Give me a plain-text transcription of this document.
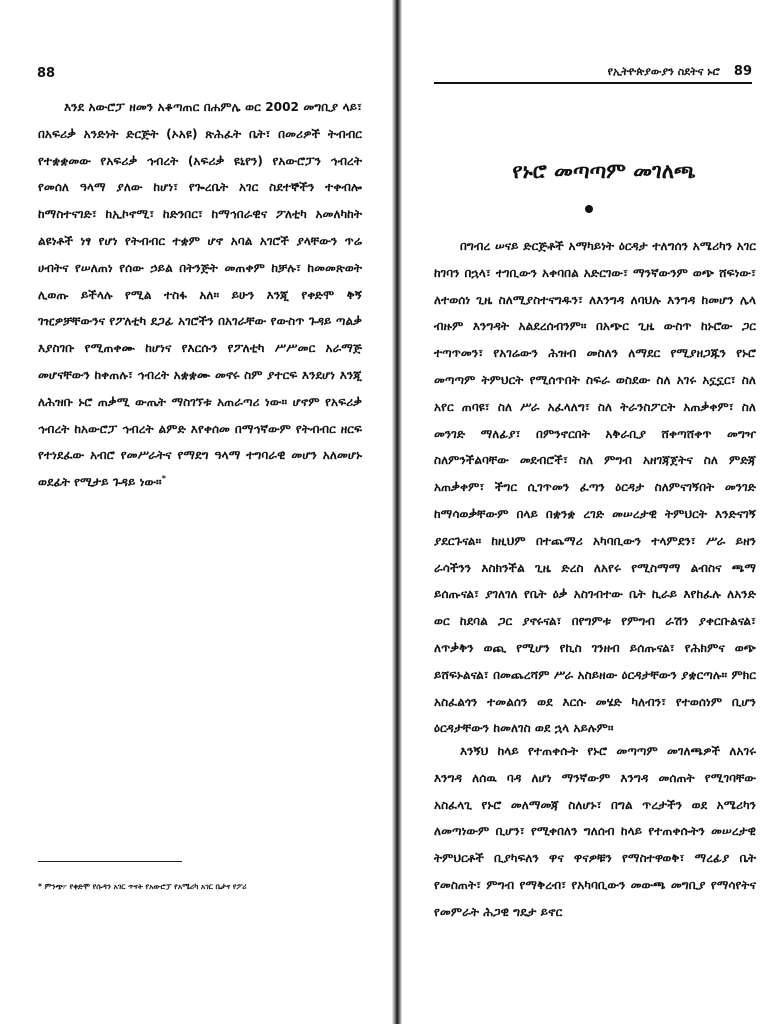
88

እንደ አውሮፓ ዘመን አቆጣጠር በሐምሌ ወር 2002 መግቢያ ላይ፣ በአፍሪቃ አንድነት ድርጅት (ኦአዩ) ጽሕፈት ቤት፣ በመሪዎች ትብብር የተቋቋመው የአፍሪቃ ኅብረት (አፍሪቃ ዩኒየን) የአውሮፓን ኅብረት የመሰለ ዓላማ ያለው ከሆነ፣ የጐረቤት አገር ስደተኞችን ተቀብሎ ከማስተናገድ፣ ከኢኮኖሚ፣ ከድንበር፣ ከማኅበራዊና ፖለቲካ አመለካከት ልዩነቶች ነፃ የሆነ የትብብር ተቋም ሆኖ አባል አገሮች ያላቸውን ጥሬ ሀብትና የሠለጠነ የሰው ኃይል በትንጅት መጠቀም ከቻሉ፣ ከመመጽወት ሊወጡ ይችላሉ የሚል ተስፋ አለ። ይሁን እንጂ የቀድሞ ቅኝ ገዢዎቻቸውንና የፖለቲካ ደጋፊ አገሮችን በአገራቸው የውስጥ ጉዳይ ጣልቃ እያስገቡ የሚጠቀሙ ከሆነና የእርሱን የፖለቲካ ሥሥመር አራማጅ መሆናቸውን ከቀጠሉ፣ ኅብረት አቋቋሙ መኖሩ ስም ያተርፍ እንደሆነ እንጂ ለሕዝቡ ኑሮ ጠቃሚ ውጤት ማስገኘቱ አጠራጣሪ ነው። ሆኖም የአፍሪቃ ኅብረት ከአውሮፓ ኅብረት ልምድ እየቀሰመ በማኅኛውም የትብብር ዘርፍ የተነደፈው አብሮ የመሥራትና የማደግ ዓላማ ተግባራዊ መሆን አለመሆኑ ወደፊት የሚታይ ጉዳይ ነው።*

* ምንጭ፦ የቀድሞ የሱዳን አገር ጥናት የአውሮፓ የአሜሪካ አገር ቤታና የፖሪ
የኢትዮጵያውያን ስደትና ኑሮ 89
የኑሮ መጣጣም መገለጫ

በግብረ ሠናይ ድርጅቶች አማካይነት ዕርዳታ ተለግሰን አሜሪካን አገር ከገባን በኋላ፣ ተገቢውን አቀባበል አድርገው፣ ማንኛውንም ወጭ ሸፍነው፣ ለተወሰነ ጊዜ ስለሚያስተናግዱን፣ ለእንግዳ ለባህሉ እንግዳ ከመሆን ሌላ ብዙም እንግዳት አልደረሰብንም። በአጭር ጊዜ ውስጥ ከኑሮው ጋር ተጣጥመን፣ የአገሬውን ሕዝብ መስለን ለማደር የሚያዘጋጁን የኑሮ መጣጣም ትምህርት የሚሰጥበት ስፍራ ወስደው ስለ አገሩ አኗኗር፣ ስለ አየር ጠባዩ፣ ስለ ሥራ አፈላለግ፣ ስለ ትራንስፖርት አጠቃቀም፣ ስለ መንገድ ማለፊያ፣ በምንኖርበት አቅራቢያ ሸቀጣሸቀጥ መግዣ ስለምንችልባቸው መደብሮች፣ ስለ ምግብ አዘገጃጀትና ስለ ምድጃ አጠቃቀም፣ ችግር ሲገጥመን ፈጣን ዕርዳታ ስለምናገኝበት መንገድ ከማሳወቃቸውም በላይ በቋንቋ ረገድ መሠረታዊ ትምህርት እንድናገኝ ያደርጉናል። ከዚህም በተጨማሪ አካባቢውን ተላምደን፣ ሥራ ይዘን ራሳችንን እስክንችል ጊዜ ድረስ ለአየሩ የሚስማማ ልብስና ጫማ ይሰጡናል፣ ያገለገለ የቤት ዕቃ አስገብተው ቤት ኪራይ እየከፈሉ ለአንድ ወር ከደባል ጋር ያኖሩናል፣ በየግምቱ የምግብ ራሽን ያቀርቡልናል፣ ለጥቃቅን ወጪ የሚሆን የኪስ ገንዘብ ይሰጡናል፣ የሕክምና ወጭ ይሸፍኑልናል፣ በመጨረሻም ሥራ አስይዘው ዕርዳታቸውን ያቋርጣሉ። ምክር አስፈልጎን ተመልሰን ወደ እርሱ መሄድ ካለብን፣ የተወሰነም ቢሆን ዕርዳታቸውን ከመለገስ ወደ ኋላ አይሉም።

እንኝህ ከላይ የተጠቀሱት የኑሮ መጣጣም መገለጫዎች ለአገሩ እንግዳ ለሰዉ ባዳ ለሆነ ማንኛውም እንግዳ መሰጠት የሚገባቸው አስፈላጊ የኑሮ መለማመጃ ስለሆኑ፣ በግል ጥረታችን ወደ አሜሪካን ለመጣነውም ቢሆን፣ የሚቀበለን ግለሰብ ከላይ የተጠቀሱትን መሠረታዊ ትምህርቶች ቢያካፍለን ዋና ዋናዎቹን የማስተዋወቅ፣ ማረፊያ ቤት የመስጠት፣ ምግብ የማቅረብ፣ የአካባቢውን መውጫ መግቢያ የማሳየትና የመምራት ሕጋዊ ግዴታ ይኖር
